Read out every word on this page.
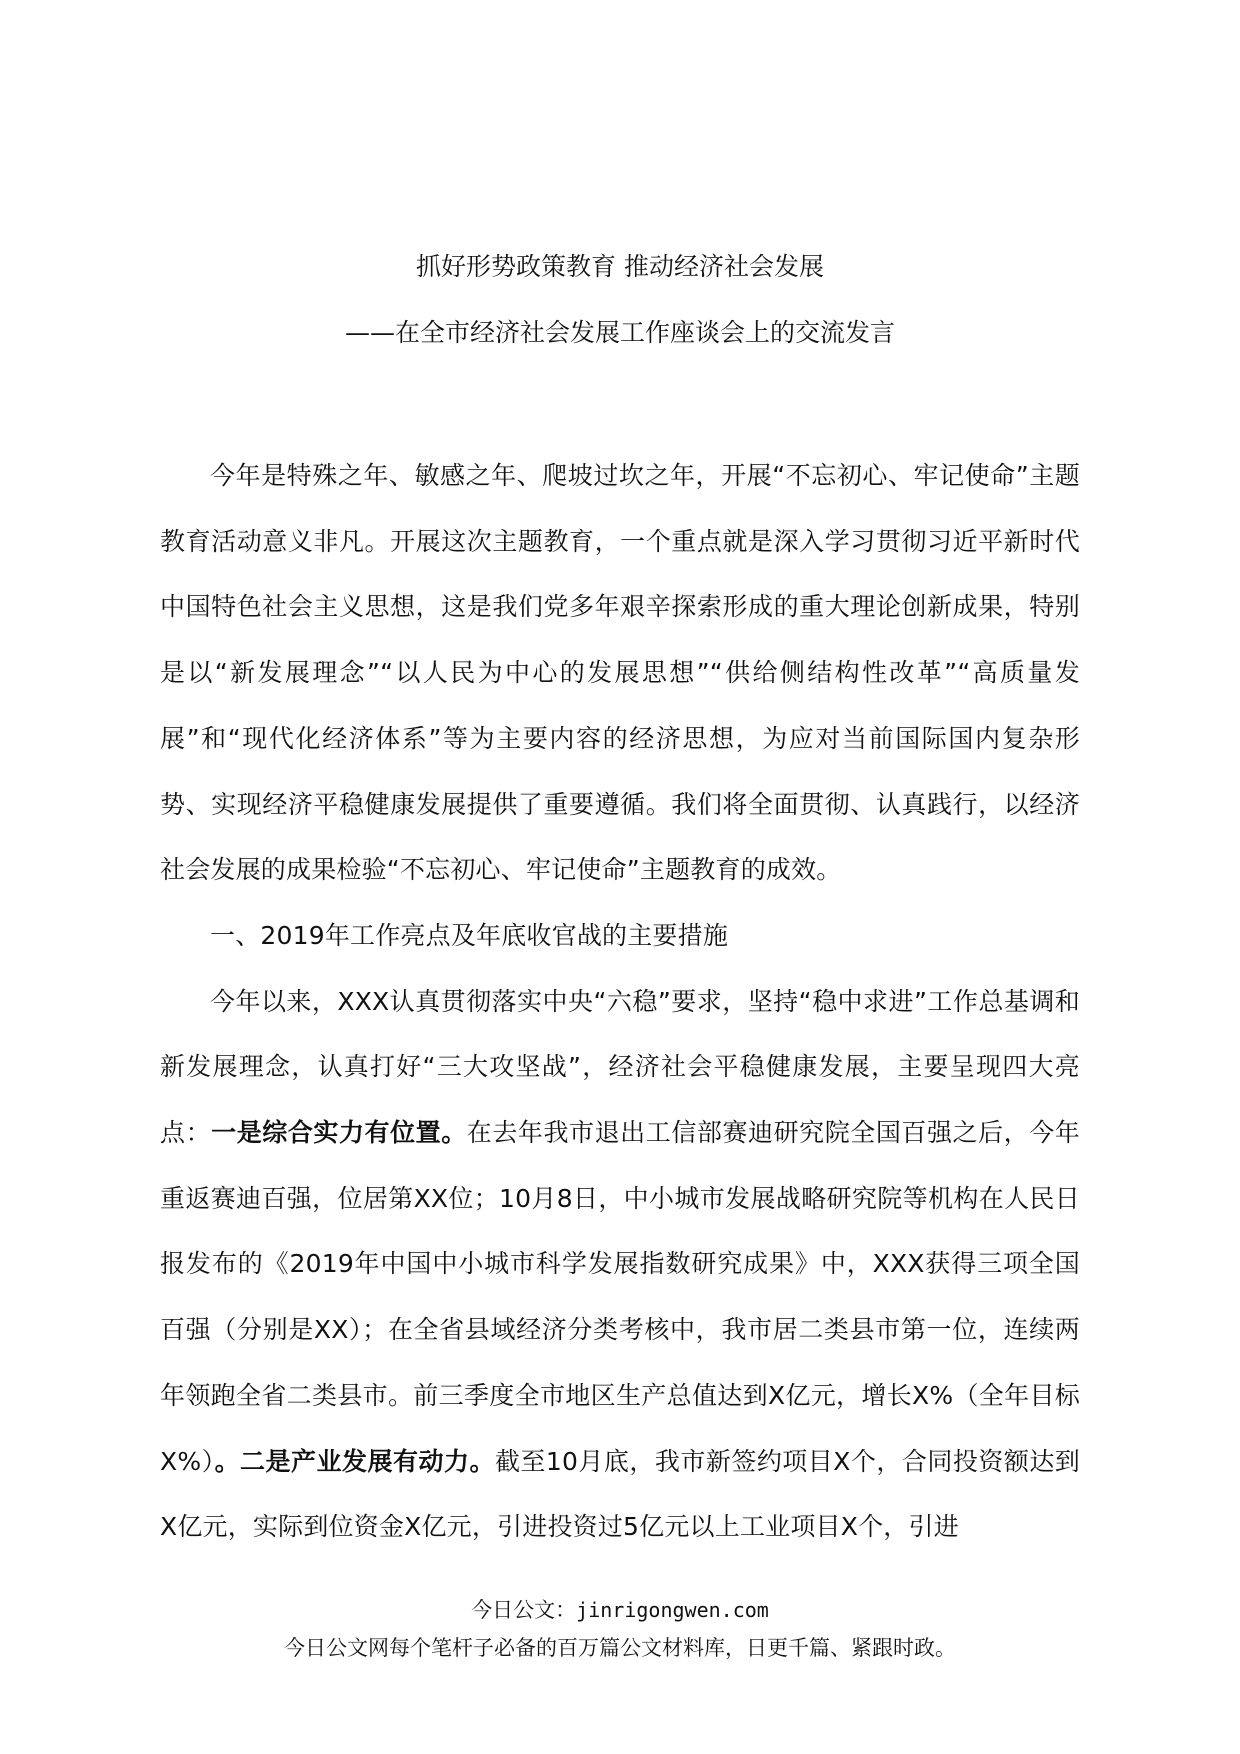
抓好形势政策教育 推动经济社会发展
——在全市经济社会发展工作座谈会上的交流发言

今年是特殊之年、敏感之年、爬坡过坎之年，开展“不忘初心、牢记使命”主题教育活动意义非凡。开展这次主题教育，一个重点就是深入学习贯彻习近平新时代中国特色社会主义思想，这是我们党多年艰辛探索形成的重大理论创新成果，特别是以“新发展理念”“以人民为中心的发展思想”“供给侧结构性改革”“高质量发展”和“现代化经济体系”等为主要内容的经济思想，为应对当前国际国内复杂形势、实现经济平稳健康发展提供了重要遵循。我们将全面贯彻、认真践行，以经济社会发展的成果检验“不忘初心、牢记使命”主题教育的成效。

一、2019年工作亮点及年底收官战的主要措施

今年以来，XXX认真贯彻落实中央“六稳”要求，坚持“稳中求进”工作总基调和新发展理念，认真打好“三大攻坚战”，经济社会平稳健康发展，主要呈现四大亮点：一是综合实力有位置。在去年我市退出工信部赛迪研究院全国百强之后，今年重返赛迪百强，位居第XX位；10月8日，中小城市发展战略研究院等机构在人民日报发布的《2019年中国中小城市科学发展指数研究成果》中，XXX获得三项全国百强（分别是XX）；在全省县域经济分类考核中，我市居二类县市第一位，连续两年领跑全省二类县市。前三季度全市地区生产总值达到X亿元，增长X%（全年目标X%）。二是产业发展有动力。截至10月底，我市新签约项目X个，合同投资额达到X亿元，实际到位资金X亿元，引进投资过5亿元以上工业项目X个，引进

今日公文：jinrigongwen.com
今日公文网每个笔杆子必备的百万篇公文材料库，日更千篇、紧跟时政。
